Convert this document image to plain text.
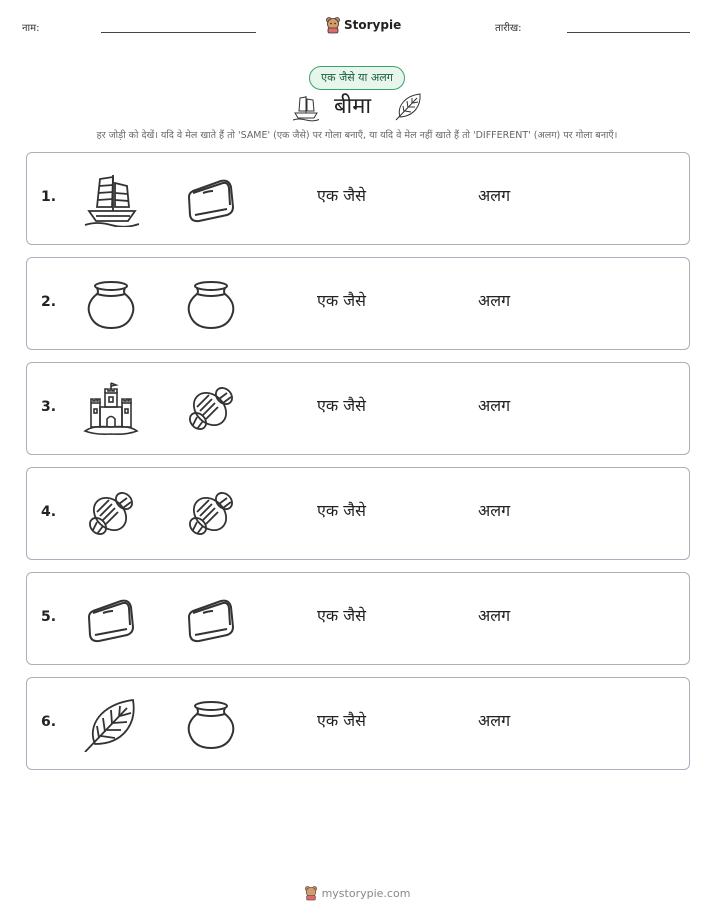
नाम:	Storypie	तारीख:
एक जैसे या अलग
बीमा
हर जोड़ी को देखें। यदि वे मेल खाते हैं तो 'SAME' (एक जैसे) पर गोला बनाएँ, या यदि वे मेल नहीं खाते हैं तो 'DIFFERENT' (अलग) पर गोला बनाएँ।
1.	एक जैसे	अलग
2.	एक जैसे	अलग
3.	एक जैसे	अलग
4.	एक जैसे	अलग
5.	एक जैसे	अलग
6.	एक जैसे	अलग
mystorypie.com
